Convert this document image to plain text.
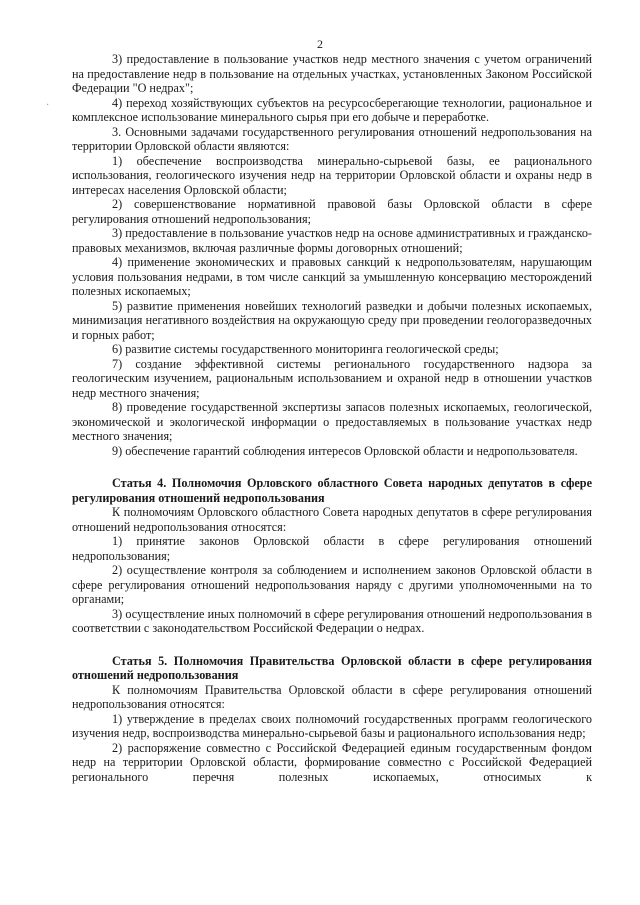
2
·

3) предоставление в пользование участков недр местного значения с учетом ограничений на предоставление недр в пользование на отдельных участках, установленных Законом Российской Федерации "О недрах";

4) переход хозяйствующих субъектов на ресурсосберегающие технологии, рациональное и комплексное использование минерального сырья при его добыче и переработке.

3. Основными задачами государственного регулирования отношений недропользования на территории Орловской области являются:

1) обеспечение воспроизводства минерально-сырьевой базы, ее рационального использования, геологического изучения недр на территории Орловской области и охраны недр в интересах населения Орловской области;

2) совершенствование нормативной правовой базы Орловской области в сфере регулирования отношений недропользования;

3) предоставление в пользование участков недр на основе административных и гражданско-правовых механизмов, включая различные формы договорных отношений;

4) применение экономических и правовых санкций к недропользователям, нарушающим условия пользования недрами, в том числе санкций за умышленную консервацию месторождений полезных ископаемых;

5) развитие применения новейших технологий разведки и добычи полезных ископаемых, минимизация негативного воздействия на окружающую среду при проведении геологоразведочных и горных работ;

6) развитие системы государственного мониторинга геологической среды;

7) создание эффективной системы регионального государственного надзора за геологическим изучением, рациональным использованием и охраной недр в отношении участков недр местного значения;

8) проведение государственной экспертизы запасов полезных ископаемых, геологической, экономической и экологической информации о предоставляемых в пользование участках недр местного значения;

9) обеспечение гарантий соблюдения интересов Орловской области и недропользователя.

Статья 4. Полномочия Орловского областного Совета народных депутатов в сфере регулирования отношений недропользования

К полномочиям Орловского областного Совета народных депутатов в сфере регулирования отношений недропользования относятся:

1) принятие законов Орловской области в сфере регулирования отношений недропользования;

2) осуществление контроля за соблюдением и исполнением законов Орловской области в сфере регулирования отношений недропользования наряду с другими уполномоченными на то органами;

3) осуществление иных полномочий в сфере регулирования отношений недропользования в соответствии с законодательством Российской Федерации о недрах.

Статья 5. Полномочия Правительства Орловской области в сфере регулирования отношений недропользования

К полномочиям Правительства Орловской области в сфере регулирования отношений недропользования относятся:

1) утверждение в пределах своих полномочий государственных программ геологического изучения недр, воспроизводства минерально-сырьевой базы и рационального использования недр;

2) распоряжение совместно с Российской Федерацией единым государственным фондом недр на территории Орловской области, формирование совместно с Российской Федерацией регионального перечня полезных ископаемых, относимых к
